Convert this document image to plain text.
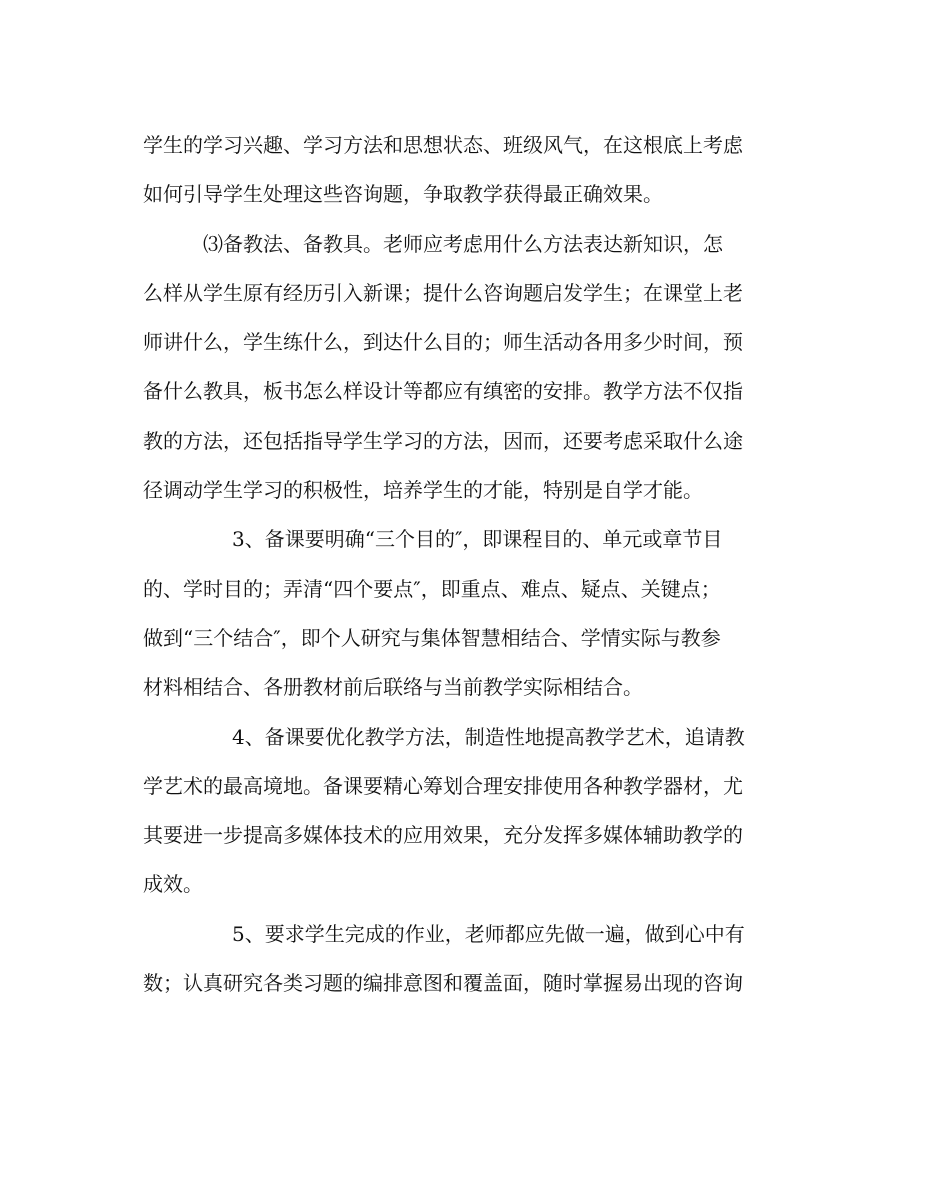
学生的学习兴趣、学习方法和思想状态、班级风气，在这根底上考虑

如何引导学生处理这些咨询题，争取教学获得最正确效果。

⑶备教法、备教具。老师应考虑用什么方法表达新知识，怎

么样从学生原有经历引入新课；提什么咨询题启发学生；在课堂上老

师讲什么，学生练什么，到达什么目的；师生活动各用多少时间，预

备什么教具，板书怎么样设计等都应有缜密的安排。教学方法不仅指

教的方法，还包括指导学生学习的方法，因而，还要考虑采取什么途

径调动学生学习的积极性，培养学生的才能，特别是自学才能。

3、备课要明确“三个目的″，即课程目的、单元或章节目

的、学时目的；弄清“四个要点″，即重点、难点、疑点、关键点；

做到“三个结合″，即个人研究与集体智慧相结合、学情实际与教参

材料相结合、各册教材前后联络与当前教学实际相结合。

4、备课要优化教学方法，制造性地提高教学艺术，追请教

学艺术的最高境地。备课要精心筹划合理安排使用各种教学器材，尤

其要进一步提高多媒体技术的应用效果，充分发挥多媒体辅助教学的

成效。

5、要求学生完成的作业，老师都应先做一遍，做到心中有

数；认真研究各类习题的编排意图和覆盖面，随时掌握易出现的咨询
